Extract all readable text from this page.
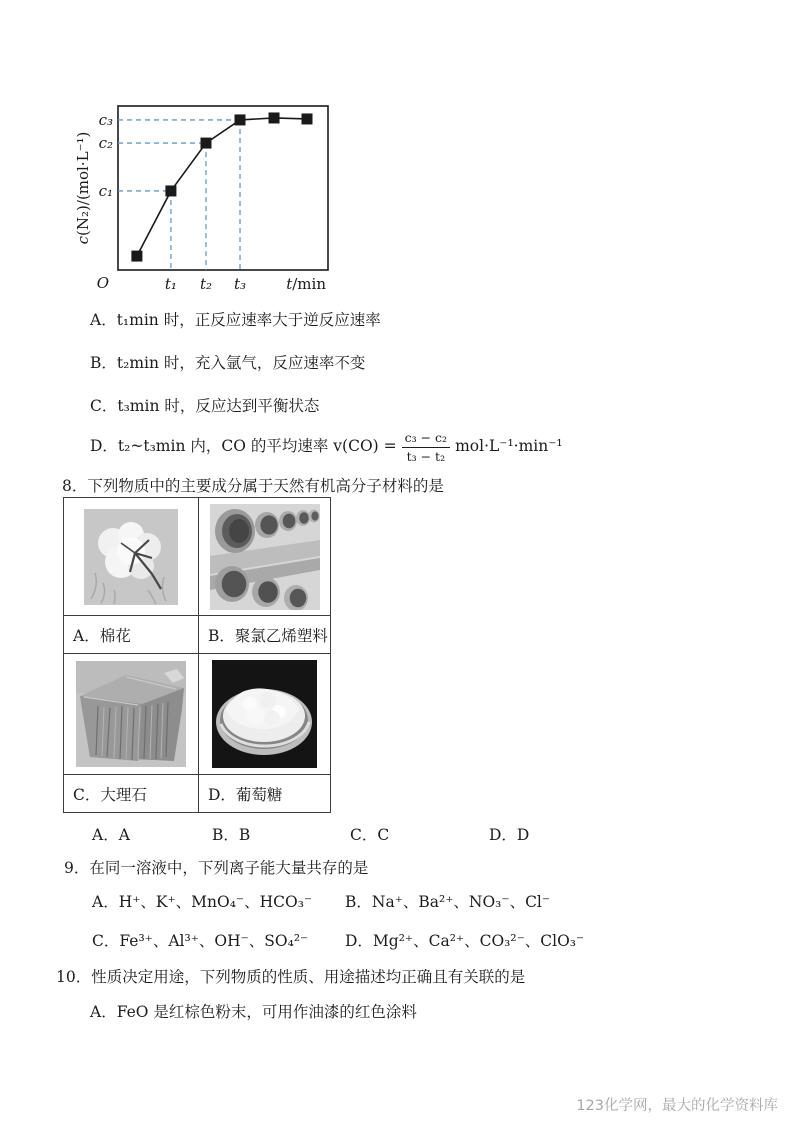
c₁
t₁
c₂
t₂
c₃
t₃
O	t/min
c(N₂)/(mol·L⁻¹)
A．t₁min 时，正反应速率大于逆反应速率
B．t₂min 时，充入氩气，反应速率不变
C．t₃min 时，反应达到平衡状态
D．t₂~t₃min 内，CO 的平均速率 $v(CO) = \frac{\text{c₃ − c₂}}{\text{t₃ − t₂}} mol\cdot L^{-1}\cdot\min^{-1}$
8．下列物质中的主要成分属于天然有机高分子材料的是

A．棉花	B．聚氯乙烯塑料

C．大理石	D．葡萄糖
A．A	B．B	C．C	D．D
9．在同一溶液中，下列离子能大量共存的是
A．H⁺、K⁺、MnO₄⁻、HCO₃⁻ B．Na⁺、Ba²⁺、NO₃⁻、Cl⁻
C．Fe³⁺、Al³⁺、OH⁻、SO₄²⁻ D．Mg²⁺、Ca²⁺、CO₃²⁻、ClO₃⁻
10．性质决定用途，下列物质的性质、用途描述均正确且有关联的是
A．FeO 是红棕色粉末，可用作油漆的红色涂料
123化学网，最大的化学资料库
